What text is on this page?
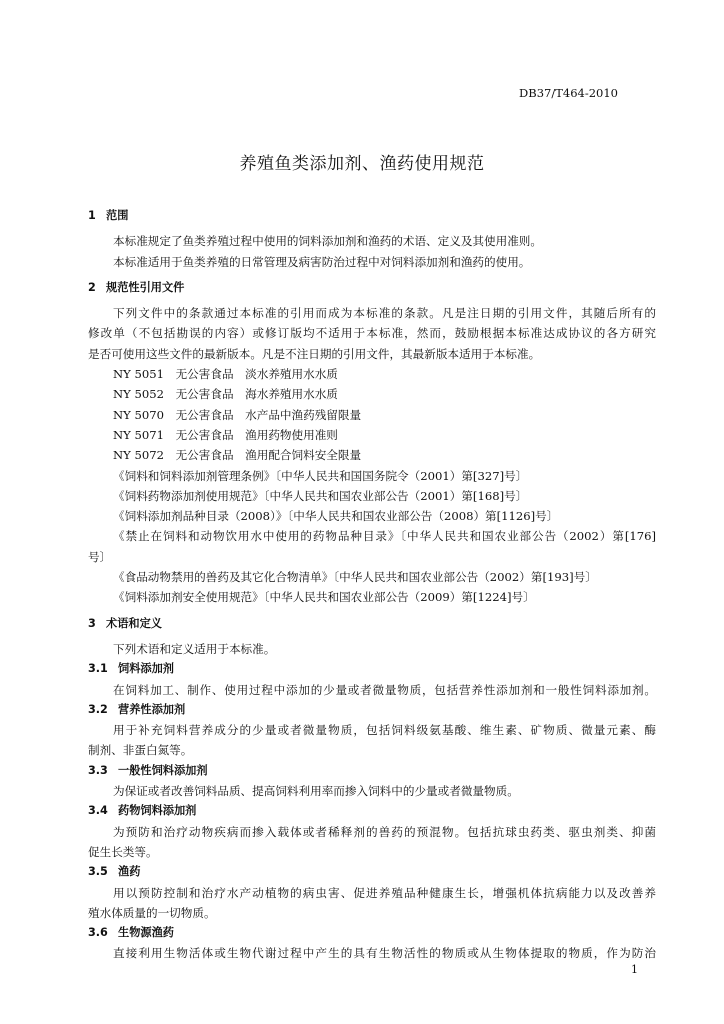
DB37/T464-2010
养殖鱼类添加剂、渔药使用规范
1 范围
本标准规定了鱼类养殖过程中使用的饲料添加剂和渔药的术语、定义及其使用准则。
本标准适用于鱼类养殖的日常管理及病害防治过程中对饲料添加剂和渔药的使用。
2 规范性引用文件
下列文件中的条款通过本标准的引用而成为本标准的条款。凡是注日期的引用文件，其随后所有的
修改单（不包括勘误的内容）或修订版均不适用于本标准，然而，鼓励根据本标准达成协议的各方研究
是否可使用这些文件的最新版本。凡是不注日期的引用文件，其最新版本适用于本标准。
NY 5051　无公害食品　淡水养殖用水水质
NY 5052　无公害食品　海水养殖用水水质
NY 5070　无公害食品　水产品中渔药残留限量
NY 5071　无公害食品　渔用药物使用准则
NY 5072　无公害食品　渔用配合饲料安全限量
《饲料和饲料添加剂管理条例》〔中华人民共和国国务院令（2001）第[327]号〕
《饲料药物添加剂使用规范》〔中华人民共和国农业部公告（2001）第[168]号〕
《饲料添加剂品种目录（2008）》〔中华人民共和国农业部公告（2008）第[1126]号〕
《禁止在饲料和动物饮用水中使用的药物品种目录》〔中华人民共和国农业部公告（2002）第[176]
号〕
《食品动物禁用的兽药及其它化合物清单》〔中华人民共和国农业部公告（2002）第[193]号〕
《饲料添加剂安全使用规范》〔中华人民共和国农业部公告（2009）第[1224]号〕
3 术语和定义
下列术语和定义适用于本标准。
3.1 饲料添加剂
在饲料加工、制作、使用过程中添加的少量或者微量物质，包括营养性添加剂和一般性饲料添加剂。
3.2 营养性添加剂
用于补充饲料营养成分的少量或者微量物质，包括饲料级氨基酸、维生素、矿物质、微量元素、酶
制剂、非蛋白氮等。
3.3 一般性饲料添加剂
为保证或者改善饲料品质、提高饲料利用率而掺入饲料中的少量或者微量物质。
3.4 药物饲料添加剂
为预防和治疗动物疾病而掺入载体或者稀释剂的兽药的预混物。包括抗球虫药类、驱虫剂类、抑菌
促生长类等。
3.5 渔药
用以预防控制和治疗水产动植物的病虫害、促进养殖品种健康生长，增强机体抗病能力以及改善养
殖水体质量的一切物质。
3.6 生物源渔药
直接利用生物活体或生物代谢过程中产生的具有生物活性的物质或从生物体提取的物质，作为防治
1
